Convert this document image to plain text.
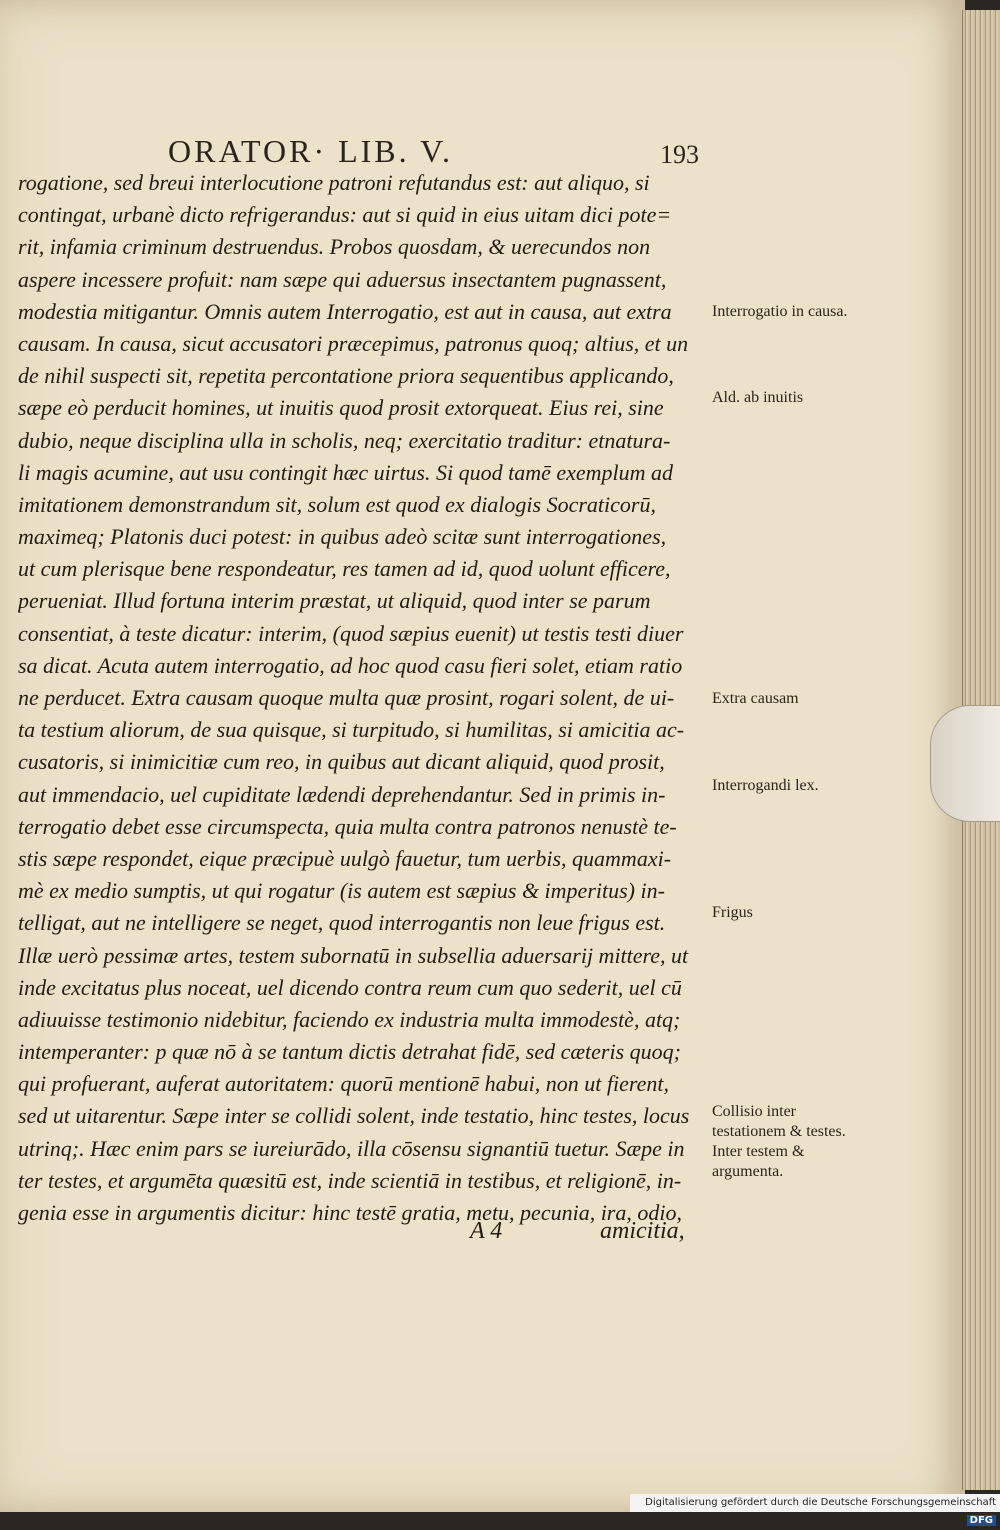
ORATOR· LIB. V.	193
rogatione, sed breui interlocutione patroni refutandus est: aut aliquo, si
contingat, urbanè dicto refrigerandus: aut si quid in eius uitam dici pote=
rit, infamia criminum destruendus. Probos quosdam, & uerecundos non
aspere incessere profuit: nam sæpe qui aduersus insectantem pugnassent,
modestia mitigantur. Omnis autem Interrogatio, est aut in causa, aut extra
causam. In causa, sicut accusatori præcepimus, patronus quoq; altius, et un
de nihil suspecti sit, repetita percontatione priora sequentibus applicando,
sæpe eò perducit homines, ut inuitis quod prosit extorqueat. Eius rei, sine
dubio, neque disciplina ulla in scholis, neq; exercitatio traditur: etnatura-
li magis acumine, aut usu contingit hæc uirtus. Si quod tamē exemplum ad
imitationem demonstrandum sit, solum est quod ex dialogis Socraticorū,
maximeq; Platonis duci potest: in quibus adeò scitæ sunt interrogationes,
ut cum plerisque bene respondeatur, res tamen ad id, quod uolunt efficere,
perueniat. Illud fortuna interim præstat, ut aliquid, quod inter se parum
consentiat, à teste dicatur: interim, (quod sæpius euenit) ut testis testi diuer
sa dicat. Acuta autem interrogatio, ad hoc quod casu fieri solet, etiam ratio
ne perducet. Extra causam quoque multa quæ prosint, rogari solent, de ui-
ta testium aliorum, de sua quisque, si turpitudo, si humilitas, si amicitia ac-
cusatoris, si inimicitiæ cum reo, in quibus aut dicant aliquid, quod prosit,
aut immendacio, uel cupiditate lædendi deprehendantur. Sed in primis in-
terrogatio debet esse circumspecta, quia multa contra patronos nenustè te-
stis sæpe respondet, eique præcipuè uulgò fauetur, tum uerbis, quammaxi-
mè ex medio sumptis, ut qui rogatur (is autem est sæpius & imperitus) in-
telligat, aut ne intelligere se neget, quod interrogantis non leue frigus est.
Illæ uerò pessimæ artes, testem subornatū in subsellia aduersarij mittere, ut
inde excitatus plus noceat, uel dicendo contra reum cum quo sederit, uel cū
adiuuisse testimonio nidebitur, faciendo ex industria multa immodestè, atq;
intemperanter: p quæ nō à se tantum dictis detrahat fidē, sed cæteris quoq;
qui profuerant, auferat autoritatem: quorū mentionē habui, non ut fierent,
sed ut uitarentur. Sæpe inter se collidi solent, inde testatio, hinc testes, locus
utrinq;. Hæc enim pars se iureiurādo, illa cōsensu signantiū tuetur. Sæpe in
ter testes, et argumēta quæsitū est, inde scientiā in testibus, et religionē, in-
genia esse in argumentis dicitur: hinc testē gratia, metu, pecunia, ira, odio,
A 4	amicitia,
Interrogatio in causa.
Ald. ab inuitis
Extra causam
Interrogandi lex.
Frigus
Collisio inter testationem & testes. Inter testem & argumenta.
Digitalisierung gefördert durch die Deutsche Forschungsgemeinschaft DFG
